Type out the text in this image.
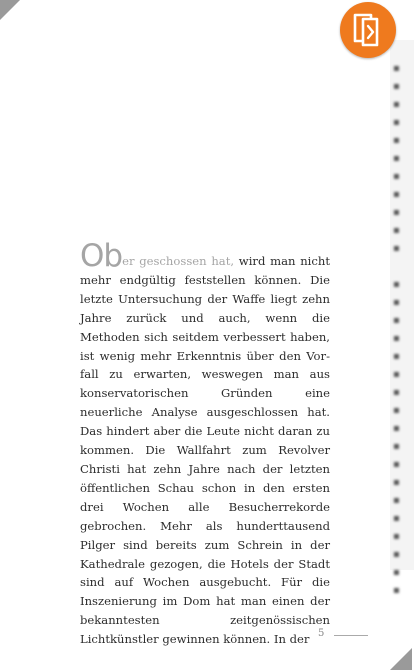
Ober geschossen hat, wird man nicht mehr endgültig feststellen können. Die letzte Untersuchung der Waffe liegt zehn Jahre zurück und auch, wenn die Methoden sich seitdem verbessert haben, ist wenig mehr Erkenntnis über den Vorfall zu erwarten, weswegen man aus konservatorischen Gründen eine neuerliche Analyse ausgeschlossen hat. Das hindert aber die Leute nicht daran zu kommen. Die Wallfahrt zum Revolver Christi hat zehn Jahre nach der letzten öffentlichen Schau schon in den ersten drei Wochen alle Besucherrekorde gebrochen. Mehr als hunderttausend Pilger sind bereits zum Schrein in der Kathedrale gezogen, die Hotels der Stadt sind auf Wochen ausgebucht. Für die Inszenierung im Dom hat man einen der bekanntesten zeitgenössischen Lichtkünstler gewinnen können. In der 5
▪
▪
▪
▪
▪
▪
▪
▪
▪
▪
▪

▪
▪
▪
▪
▪
▪
▪
▪
▪
▪
▪
▪
▪
▪
▪
▪
▪
▪
